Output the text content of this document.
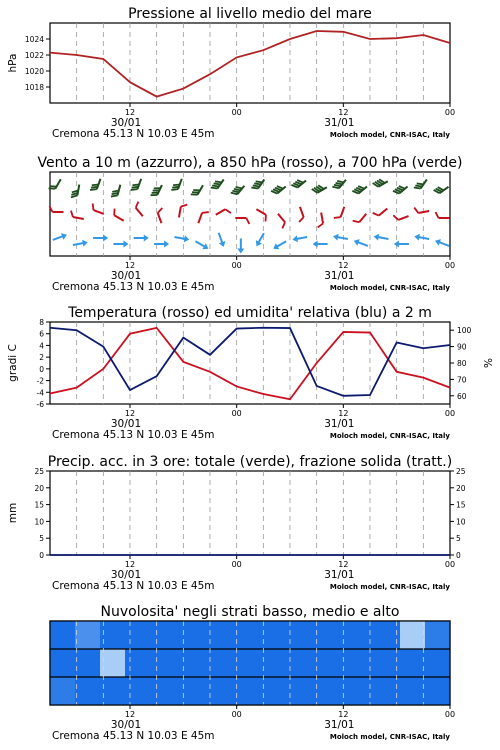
Pressione al livello medio del mare
12	00	12	00
30/01	31/01
Cremona 45.13 N 10.03 E 45m	Moloch model, CNR-ISAC, Italy
1018
1020
1022
1024
hPa
Vento a 10 m (azzurro), a 850 hPa (rosso), a 700 hPa (verde)
12	00	12	00
30/01	31/01
Cremona 45.13 N 10.03 E 45m	Moloch model, CNR-ISAC, Italy
Temperatura (rosso) ed umidita' relativa (blu) a 2 m
12	00	12	00
30/01	31/01
Cremona 45.13 N 10.03 E 45m	Moloch model, CNR-ISAC, Italy
-6
-4
-2
0
2
4
6
8
gradi C
60
70
80
90
100
%
Precip. acc. in 3 ore: totale (verde), frazione solida (tratt.)
12	00	12	00
30/01	31/01
Cremona 45.13 N 10.03 E 45m	Moloch model, CNR-ISAC, Italy
0	0
5	5
10	10
15	15
20	20
25	25
mm
Nuvolosita' negli strati basso, medio e alto
12	00	12	00
30/01	31/01
Cremona 45.13 N 10.03 E 45m	Moloch model, CNR-ISAC, Italy
